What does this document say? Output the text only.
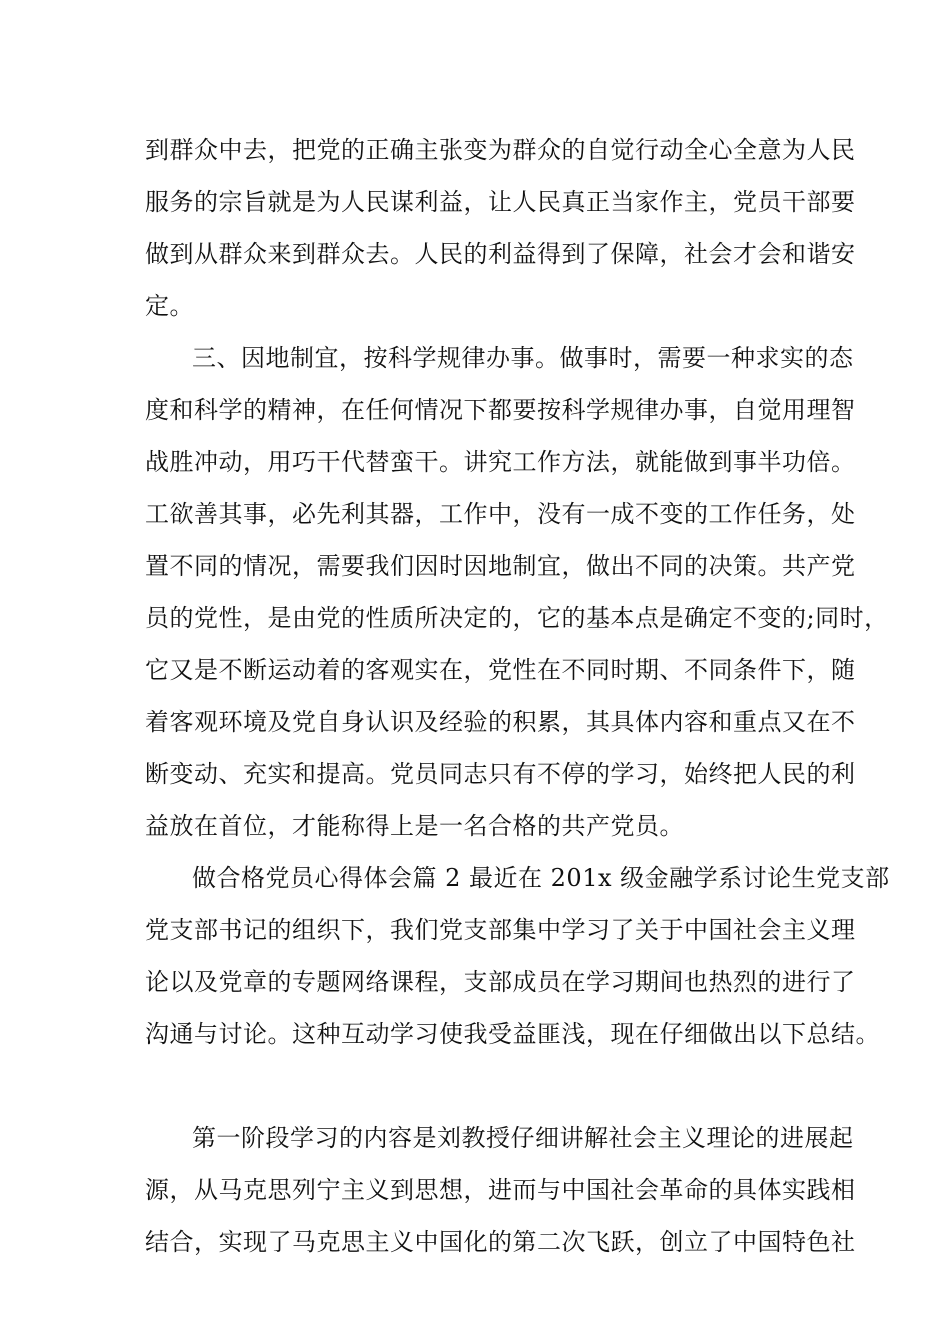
到群众中去，把党的正确主张变为群众的自觉行动全心全意为人民
服务的宗旨就是为人民谋利益，让人民真正当家作主，党员干部要
做到从群众来到群众去。人民的利益得到了保障，社会才会和谐安
定。
三、因地制宜，按科学规律办事。做事时，需要一种求实的态
度和科学的精神，在任何情况下都要按科学规律办事，自觉用理智
战胜冲动，用巧干代替蛮干。讲究工作方法，就能做到事半功倍。
工欲善其事，必先利其器，工作中，没有一成不变的工作任务，处
置不同的情况，需要我们因时因地制宜，做出不同的决策。共产党
员的党性，是由党的性质所决定的，它的基本点是确定不变的;同时，
它又是不断运动着的客观实在，党性在不同时期、不同条件下，随
着客观环境及党自身认识及经验的积累，其具体内容和重点又在不
断变动、充实和提高。党员同志只有不停的学习，始终把人民的利
益放在首位，才能称得上是一名合格的共产党员。
做合格党员心得体会篇 2 最近在 201x 级金融学系讨论生党支部
党支部书记的组织下，我们党支部集中学习了关于中国社会主义理
论以及党章的专题网络课程，支部成员在学习期间也热烈的进行了
沟通与讨论。这种互动学习使我受益匪浅，现在仔细做出以下总结。
第一阶段学习的内容是刘教授仔细讲解社会主义理论的进展起
源，从马克思列宁主义到思想，进而与中国社会革命的具体实践相
结合，实现了马克思主义中国化的第二次飞跃，创立了中国特色社
